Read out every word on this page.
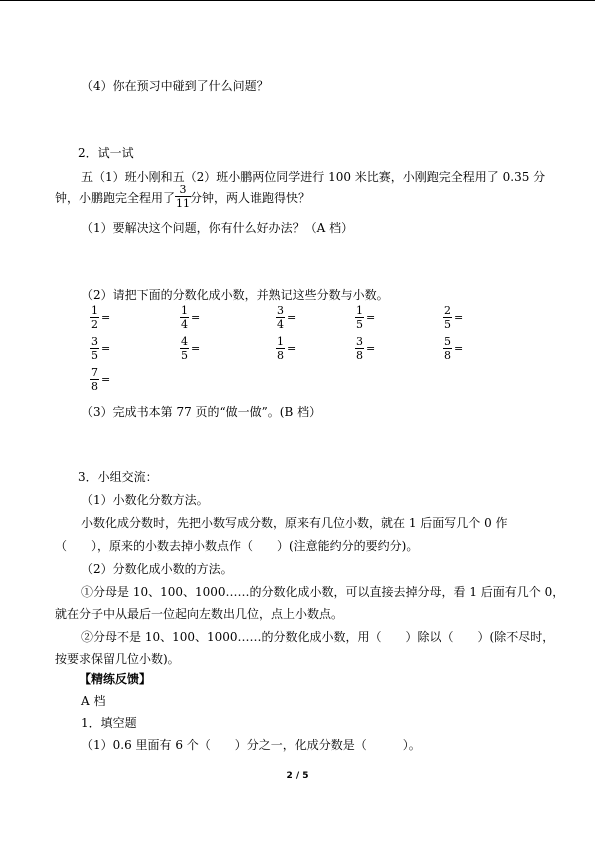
（4）你在预习中碰到了什么问题？
2．试一试
五（1）班小刚和五（2）班小鹏两位同学进行 100 米比赛，小刚跑完全程用了 0.35 分
钟，小鹏跑完全程用了
3
11 分钟，两人谁跑得快？
（1）要解决这个问题，你有什么好办法？（A 档）
（2）请把下面的分数化成小数，并熟记这些分数与小数。
1
2
=
1
4
=
3
4
=
1
5
=
2
5
=
3
5
=
4
5
=
1
8
=
3
8
=
5
8
=
7
8
=
（3）完成书本第 77 页的“做一做”。(B 档）
3．小组交流：
（1）小数化分数方法。
小数化成分数时，先把小数写成分数，原来有几位小数，就在 1 后面写几个 0 作
（　　），原来的小数去掉小数点作（　　）(注意能约分的要约分)。
（2）分数化成小数的方法。
①分母是 10、100、1000……的分数化成小数，可以直接去掉分母，看 1 后面有几个 0，
就在分子中从最后一位起向左数出几位，点上小数点。
②分母不是 10、100、1000……的分数化成小数，用（　　）除以（　　）(除不尽时，
按要求保留几位小数)。
【精练反馈】
A 档
1．填空题
（1）0.6 里面有 6 个（　　）分之一，化成分数是（　　　）。
2 / 5
